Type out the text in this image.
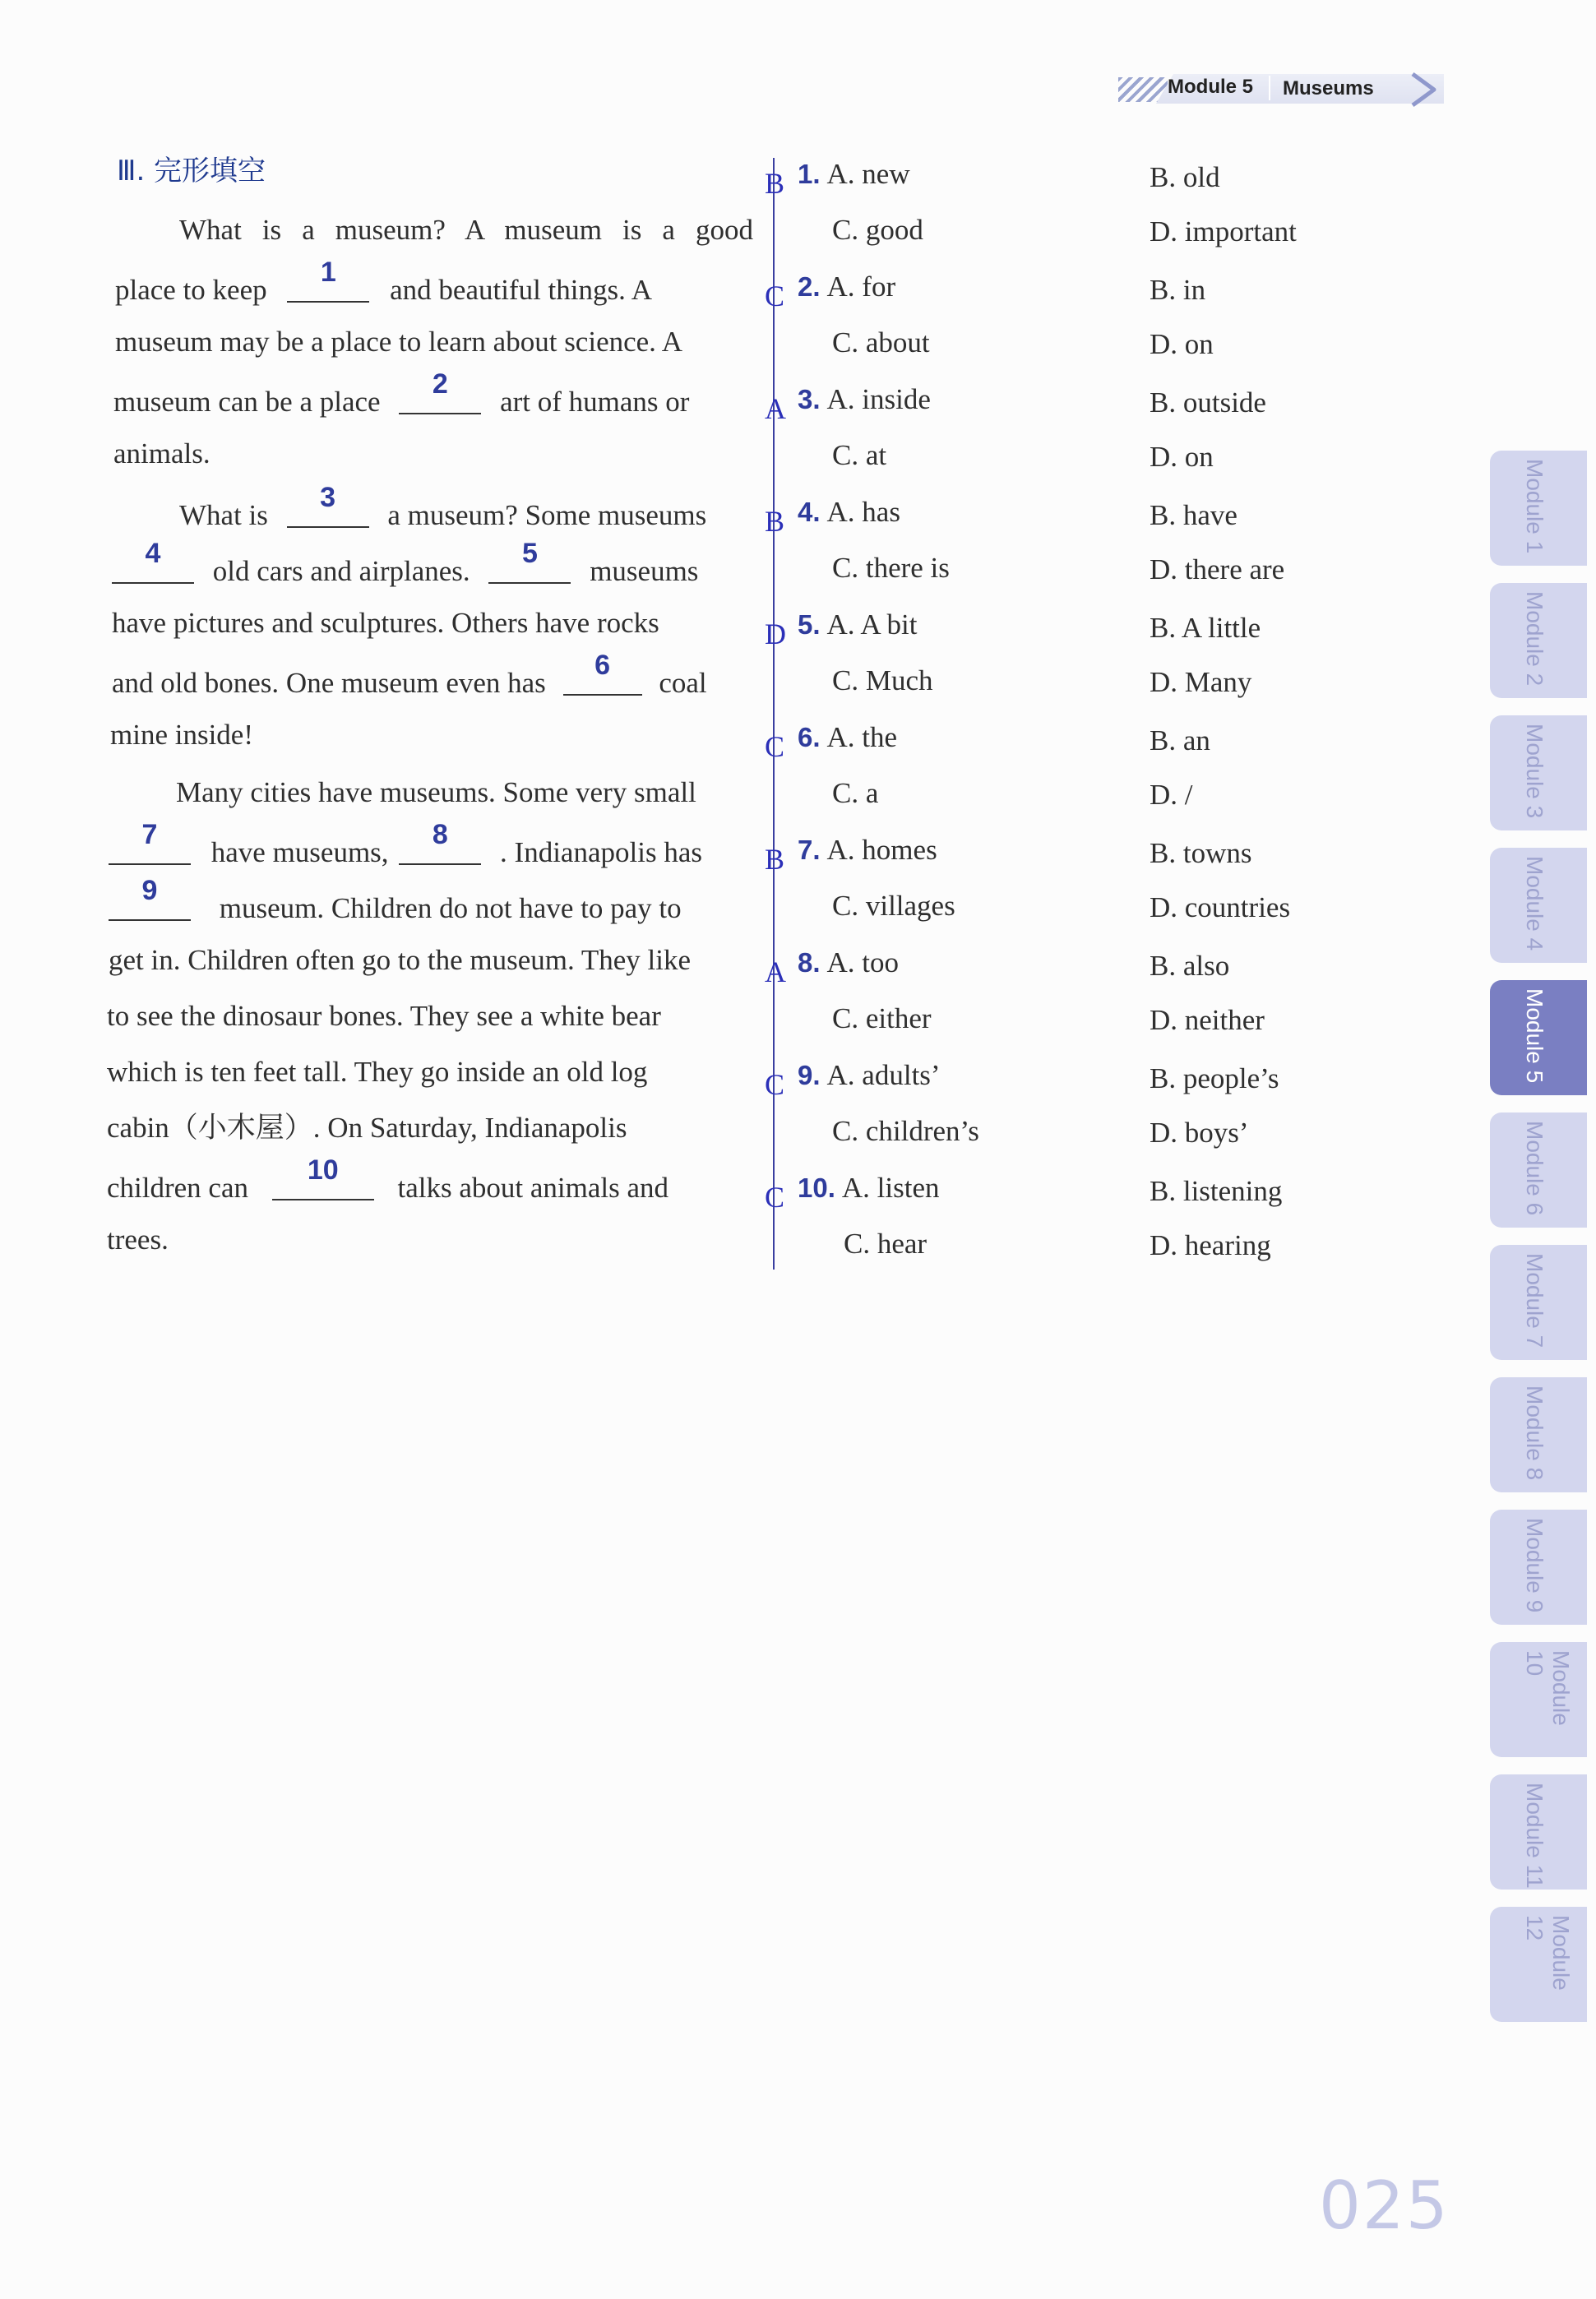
Module 5 Museums
Ⅲ. 完形填空
What is a museum? A museum is a good
place to keep
1
and beautiful things. A
museum may be a place to learn about science. A
museum can be a place
2
art of humans or
animals.
What is
3
a museum? Some museums
4
old cars and airplanes.
5
museums
have pictures and sculptures. Others have rocks
and old bones. One museum even has
6
coal
mine inside!
Many cities have museums. Some very small
7
have museums,
8
. Indianapolis has
9
museum. Children do not have to pay to
get in. Children often go to the museum. They like
to see the dinosaur bones. They see a white bear
which is ten feet tall. They go inside an old log
cabin（小木屋）. On Saturday, Indianapolis
children can
10
talks about animals and
trees.
B 1. A. new	B. old
C. good	D. important
C 2. A. for	B. in
C. about	D. on
A 3. A. inside	B. outside
C. at	D. on
B 4. A. has	B. have
C. there is	D. there are
D 5. A. A bit	B. A little
C. Much	D. Many
C 6. A. the	B. an
C. a	D. /
B 7. A. homes	B. towns
C. villages	D. countries
A 8. A. too	B. also
C. either	D. neither
C 9. A. adults’	B. people’s
C. children’s	D. boys’
C 10. A. listen	B. listening
C. hear	D. hearing
Module 1
Module 2
Module 3
Module 4
Module 5
Module 6
Module 7
Module 8
Module 9
Module 10
Module 11
Module 12
025
